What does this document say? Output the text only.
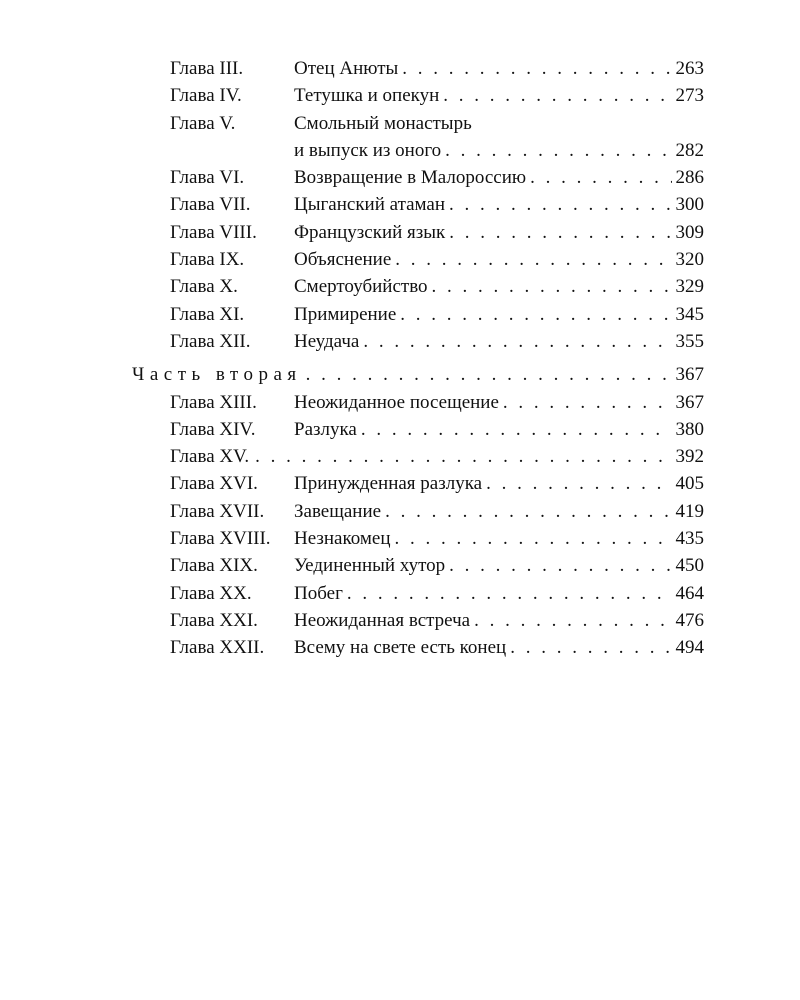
Глава III.	Отец Анюты . . .	263
Глава IV.	Тетушка и опекун . . .	273
Глава V.	Смольный монастырь
и выпуск из оного . . .	282
Глава VI.	Возвращение в Малороссию . . .	286
Глава VII.	Цыганский атаман . . .	300
Глава VIII.	Французский язык . . .	309
Глава IX.	Объяснение . . .	320
Глава X.	Смертоубийство . . .	329
Глава XI.	Примирение . . .	345
Глава XII.	Неудача . . .	355
Часть вторая . . .	367
Глава XIII.	Неожиданное посещение . . .	367
Глава XIV.	Разлука . . .	380
Глава XV. . . .	392
Глава XVI.	Принужденная разлука . . .	405
Глава XVII.	Завещание . . .	419
Глава XVIII.	Незнакомец . . .	435
Глава XIX.	Уединенный хутор . . .	450
Глава XX.	Побег . . .	464
Глава XXI.	Неожиданная встреча . . .	476
Глава XXII.	Всему на свете есть конец . . .	494
